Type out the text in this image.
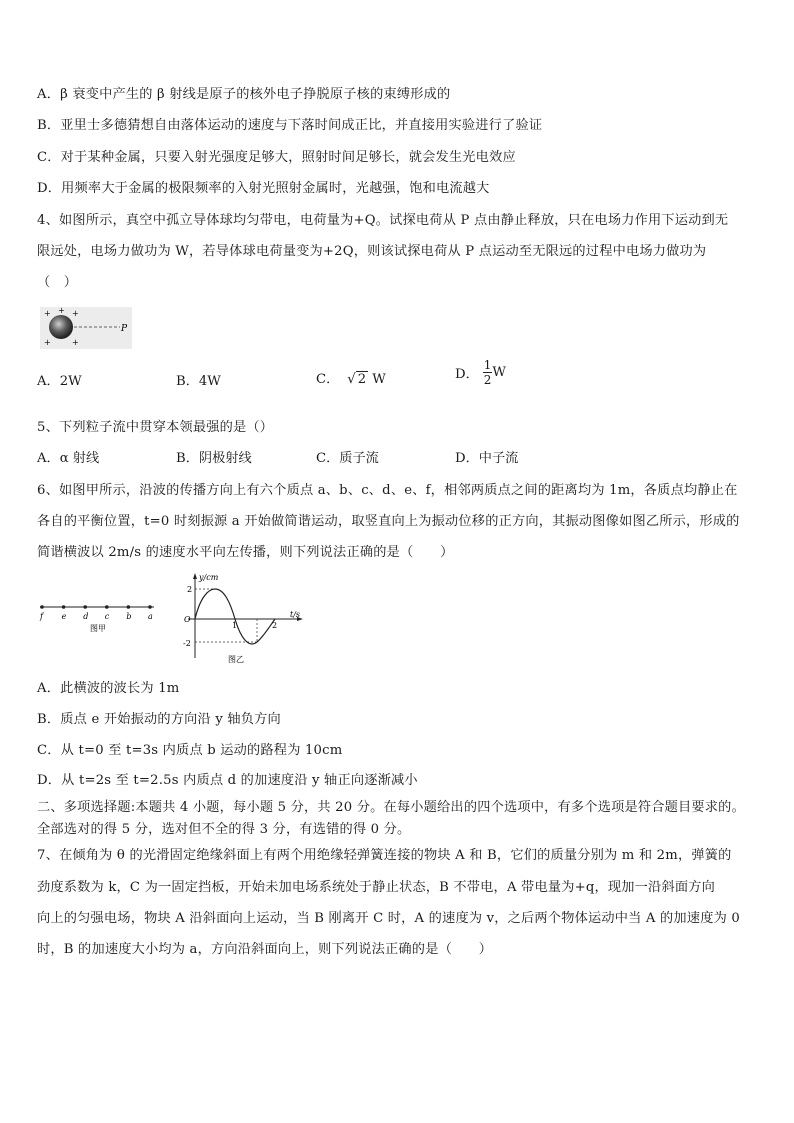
A．β 衰变中产生的 β 射线是原子的核外电子挣脱原子核的束缚形成的
B．亚里士多德猜想自由落体运动的速度与下落时间成正比，并直接用实验进行了验证
C．对于某种金属，只要入射光强度足够大，照射时间足够长，就会发生光电效应
D．用频率大于金属的极限频率的入射光照射金属时，光越强，饱和电流越大
4、如图所示，真空中孤立导体球均匀带电，电荷量为+Q。试探电荷从 P 点由静止释放，只在电场力作用下运动到无
限远处，电场力做功为 W，若导体球电荷量变为+2Q，则该试探电荷从 P 点运动至无限远的过程中电场力做功为
（　）
+	+
+	+
+
P
A．2W	B．4W	C． √ 2 W	D． $\frac{1}{2}$ W
5、下列粒子流中贯穿本领最强的是（）
A．α 射线	B．阴极射线	C．质子流	D．中子流
6、如图甲所示，沿波的传播方向上有六个质点 a、b、c、d、e、f，相邻两质点之间的距离均为 1m，各质点均静止在
各自的平衡位置，t=0 时刻振源 a 开始做简谐运动，取竖直向上为振动位移的正方向，其振动图像如图乙所示，形成的
简谐横波以 2m/s 的速度水平向左传播，则下列说法正确的是（　　）
f e d c b a
图甲
y/cm
t/s
O
2
-2
1	2
图乙
A．此横波的波长为 1m
B．质点 e 开始振动的方向沿 y 轴负方向
C．从 t=0 至 t=3s 内质点 b 运动的路程为 10cm
D．从 t=2s 至 t=2.5s 内质点 d 的加速度沿 y 轴正向逐渐减小
二、多项选择题:本题共 4 小题，每小题 5 分，共 20 分。在每小题给出的四个选项中，有多个选项是符合题目要求的。
全部选对的得 5 分，选对但不全的得 3 分，有选错的得 0 分。
7、在倾角为 θ 的光滑固定绝缘斜面上有两个用绝缘轻弹簧连接的物块 A 和 B，它们的质量分别为 m 和 2m，弹簧的
劲度系数为 k，C 为一固定挡板，开始未加电场系统处于静止状态，B 不带电，A 带电量为+q，现加一沿斜面方向
向上的匀强电场，物块 A 沿斜面向上运动，当 B 刚离开 C 时，A 的速度为 v，之后两个物体运动中当 A 的加速度为 0
时，B 的加速度大小均为 a，方向沿斜面向上，则下列说法正确的是（　　）
